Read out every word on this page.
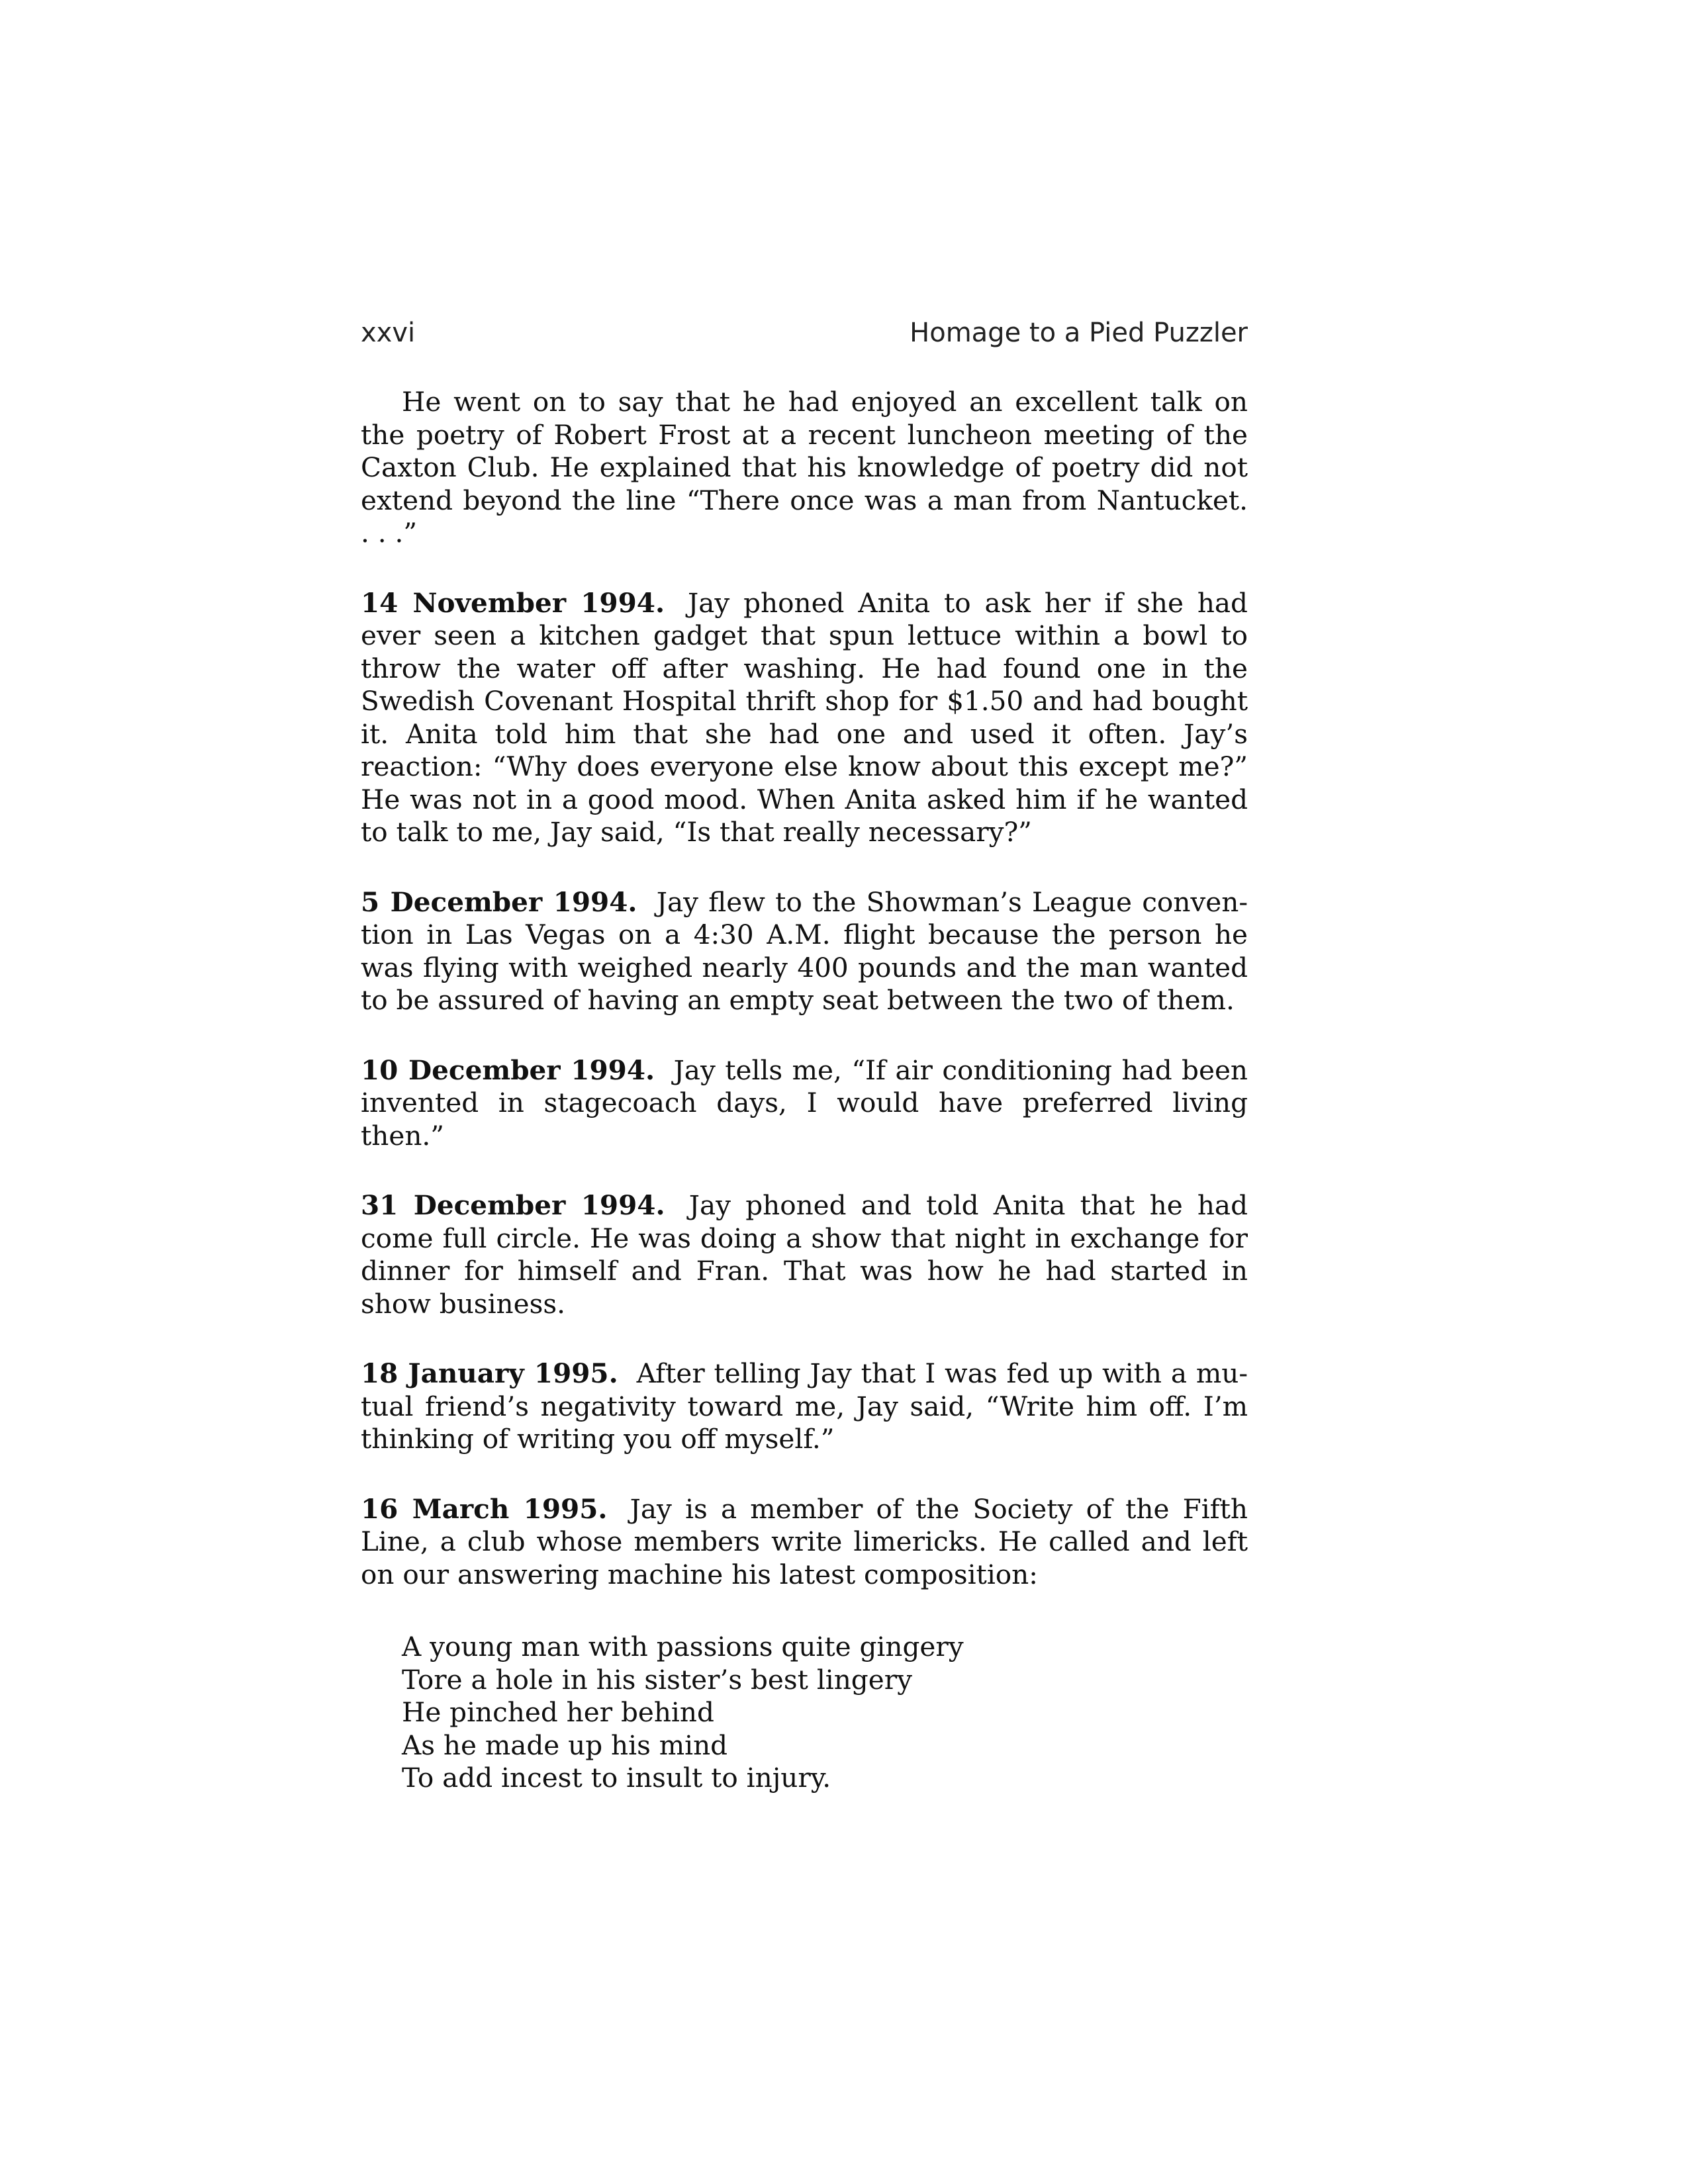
xxvi	Homage to a Pied Puzzler

He went on to say that he had enjoyed an excellent talk on the poetry of Robert Frost at a recent luncheon meeting of the Caxton Club. He explained that his knowledge of poetry did not extend beyond the line “There once was a man from Nantucket. . . .”

14 November 1994. Jay phoned Anita to ask her if she had ever seen a kitchen gadget that spun lettuce within a bowl to throw the water off after washing. He had found one in the Swedish Covenant Hospital thrift shop for $1.50 and had bought it. Anita told him that she had one and used it often. Jay’s reaction: “Why does everyone else know about this except me?” He was not in a good mood. When Anita asked him if he wanted to talk to me, Jay said, “Is that really necessary?”

5 December 1994. Jay flew to the Showman’s League convention in Las Vegas on a 4:30 A.M. flight because the person he was flying with weighed nearly 400 pounds and the man wanted to be assured of having an empty seat between the two of them.

10 December 1994. Jay tells me, “If air conditioning had been invented in stagecoach days, I would have preferred living then.”

31 December 1994. Jay phoned and told Anita that he had come full circle. He was doing a show that night in exchange for dinner for himself and Fran. That was how he had started in show business.

18 January 1995. After telling Jay that I was fed up with a mutual friend’s negativity toward me, Jay said, “Write him off. I’m thinking of writing you off myself.”

16 March 1995. Jay is a member of the Society of the Fifth Line, a club whose members write limericks. He called and left on our answering machine his latest composition:

A young man with passions quite gingery
Tore a hole in his sister’s best lingery
He pinched her behind
As he made up his mind
To add incest to insult to injury.
